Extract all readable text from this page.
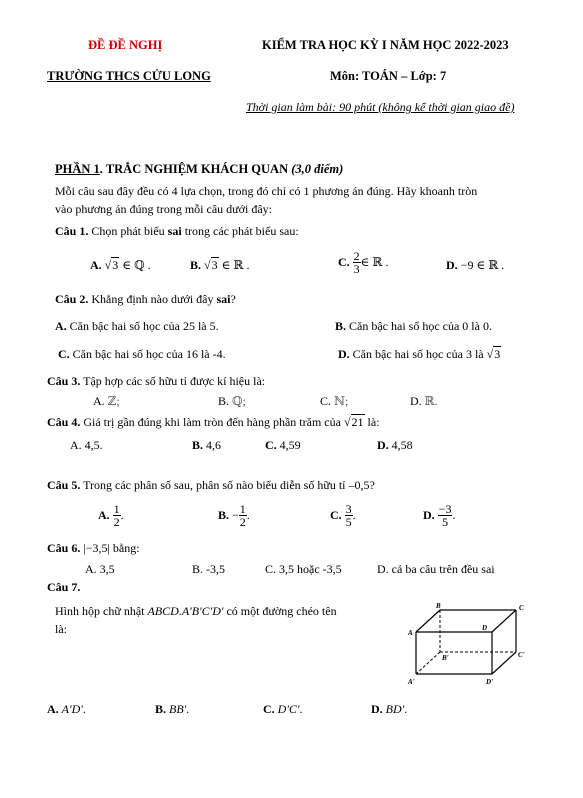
ĐỀ ĐỀ NGHỊ	KIỂM TRA HỌC KỲ I NĂM HỌC 2022-2023
TRƯỜNG THCS CỬU LONG	Môn: TOÁN – Lớp: 7
Thời gian làm bài: 90 phút (không kể thời gian giao đề)
PHẦN 1. TRẮC NGHIỆM KHÁCH QUAN (3,0 điểm)
Mỗi câu sau đây đều có 4 lựa chọn, trong đó chỉ có 1 phương án đúng. Hãy khoanh tròn
vào phương án đúng trong mỗi câu dưới đây:
Câu 1. Chọn phát biểu sai trong các phát biểu sau:
A. √3 ∈ ℚ .	B. √3 ∈ ℝ .	C. $\frac{2}{3}$ ∈ ℝ .	D. −9 ∈ ℝ .
Câu 2. Khẳng định nào dưới đây sai?
A. Căn bậc hai số học của 25 là 5.	B. Căn bậc hai số học của 0 là 0.
C. Căn bậc hai số học của 16 là -4.	D. Căn bậc hai số học của 3 là √3
Câu 3. Tập hợp các số hữu tỉ được kí hiệu là:
A. ℤ;	B. ℚ;	C. ℕ;	D. ℝ.
Câu 4. Giá trị gần đúng khi làm tròn đến hàng phần trăm của √21 là:
A. 4,5.	B. 4,6	C. 4,59	D. 4,58
Câu 5. Trong các phân số sau, phân số nào biểu diễn số hữu tỉ –0,5?
A. $\frac{1}{2}$ .	B. − $\frac{1}{2}$ .	C. $\frac{3}{5}$ .	D. $\frac{-3}{5}$ .
Câu 6. |−3,5| bằng:
A. 3,5	B. -3,5	C. 3,5 hoặc -3,5	D. cả ba câu trên đều sai
Câu 7.
Hình hộp chữ nhật ABCD.A'B'C'D' có một đường chéo tên
là:
B	C
A
D
B'	C'
A'	D'
A. A'D'.	B. BB'.	C. D'C'.	D. BD'.
